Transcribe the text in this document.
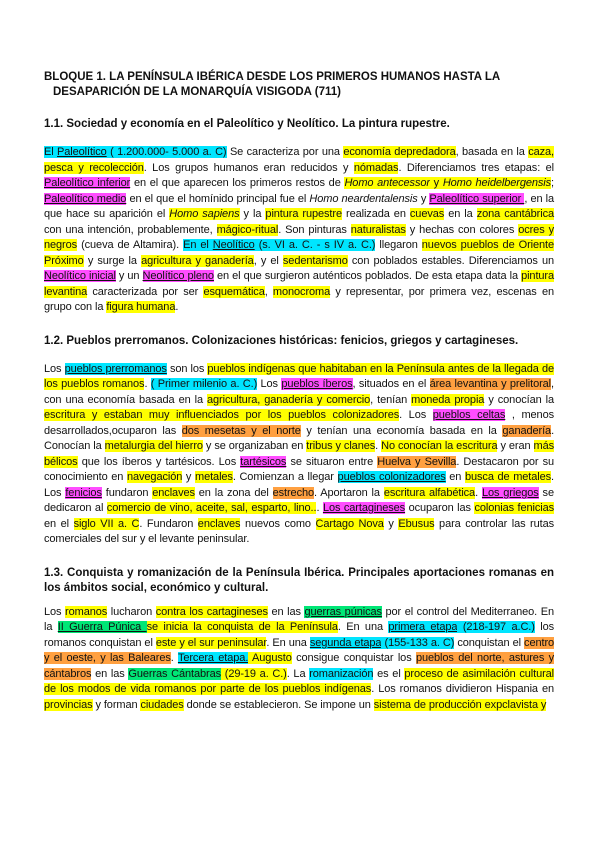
BLOQUE 1. LA PENÍNSULA IBÉRICA DESDE LOS PRIMEROS HUMANOS HASTA LA
DESAPARICIÓN DE LA MONARQUÍA VISIGODA (711)
1.1. Sociedad y economía en el Paleolítico y Neolítico. La pintura rupestre.

El Paleolítico ( 1.200.000- 5.000 a. C) Se caracteriza por una economía depredadora, basada en la caza, pesca y recolección. Los grupos humanos eran reducidos y nómadas. Diferenciamos tres etapas: el Paleolítico inferior en el que aparecen los primeros restos de Homo antecessor y Homo heidelbergensis; Paleolítico medio en el que el homínido principal fue el Homo neardentalensis y Paleolítico superior , en la que hace su aparición el Homo sapiens y la pintura rupestre realizada en cuevas en la zona cantábrica con una intención, probablemente, mágico-ritual. Son pinturas naturalistas y hechas con colores ocres y negros (cueva de Altamira). En el Neolítico (s. VI a. C. - s IV a. C.) llegaron nuevos pueblos de Oriente Próximo y surge la agricultura y ganadería, y el sedentarismo con poblados estables. Diferenciamos un Neolítico inicial y un Neolítico pleno en el que surgieron auténticos poblados. De esta etapa data la pintura levantina caracterizada por ser esquemática, monocroma y representar, por primera vez, escenas en grupo con la figura humana.

1.2. Pueblos prerromanos. Colonizaciones históricas: fenicios, griegos y cartagineses.

Los pueblos prerromanos son los pueblos indígenas que habitaban en la Península antes de la llegada de los pueblos romanos. ( Primer milenio a. C.) Los pueblos íberos, situados en el área levantina y prelitoral, con una economía basada en la agricultura, ganadería y comercio, tenían moneda propia y conocían la escritura y estaban muy influenciados por los pueblos colonizadores. Los pueblos celtas , menos desarrollados,ocuparon las dos mesetas y el norte y tenían una economía basada en la ganadería. Conocían la metalurgia del hierro y se organizaban en tribus y clanes. No conocían la escritura y eran más bélicos que los íberos y tartésicos. Los tartésicos se situaron entre Huelva y Sevilla. Destacaron por su conocimiento en navegación y metales. Comienzan a llegar pueblos colonizadores en busca de metales. Los fenicios fundaron enclaves en la zona del estrecho. Aportaron la escritura alfabética. Los griegos se dedicaron al comercio de vino, aceite, sal, esparto, lino... Los cartagineses ocuparon las colonias fenicias en el siglo VII a. C. Fundaron enclaves nuevos como Cartago Nova y Ebusus para controlar las rutas comerciales del sur y el levante peninsular.

1.3. Conquista y romanización de la Península Ibérica. Principales aportaciones romanas en los ámbitos social, económico y cultural.

Los romanos lucharon contra los cartagineses en las guerras púnicas por el control del Mediterraneo. En la II Guerra Púnica se inicia la conquista de la Península. En una primera etapa (218-197 a.C.) los romanos conquistan el este y el sur peninsular. En una segunda etapa (155-133 a. C) conquistan el centro y el oeste, y las Baleares. Tercera etapa. Augusto consigue conquistar los pueblos del norte, astures y cántabros en las Guerras Cántabras (29-19 a. C.). La romanización es el proceso de asimilación cultural de los modos de vida romanos por parte de los pueblos indígenas. Los romanos dividieron Hispania en provincias y forman ciudades donde se establecieron. Se impone un sistema de producción expclavista y
